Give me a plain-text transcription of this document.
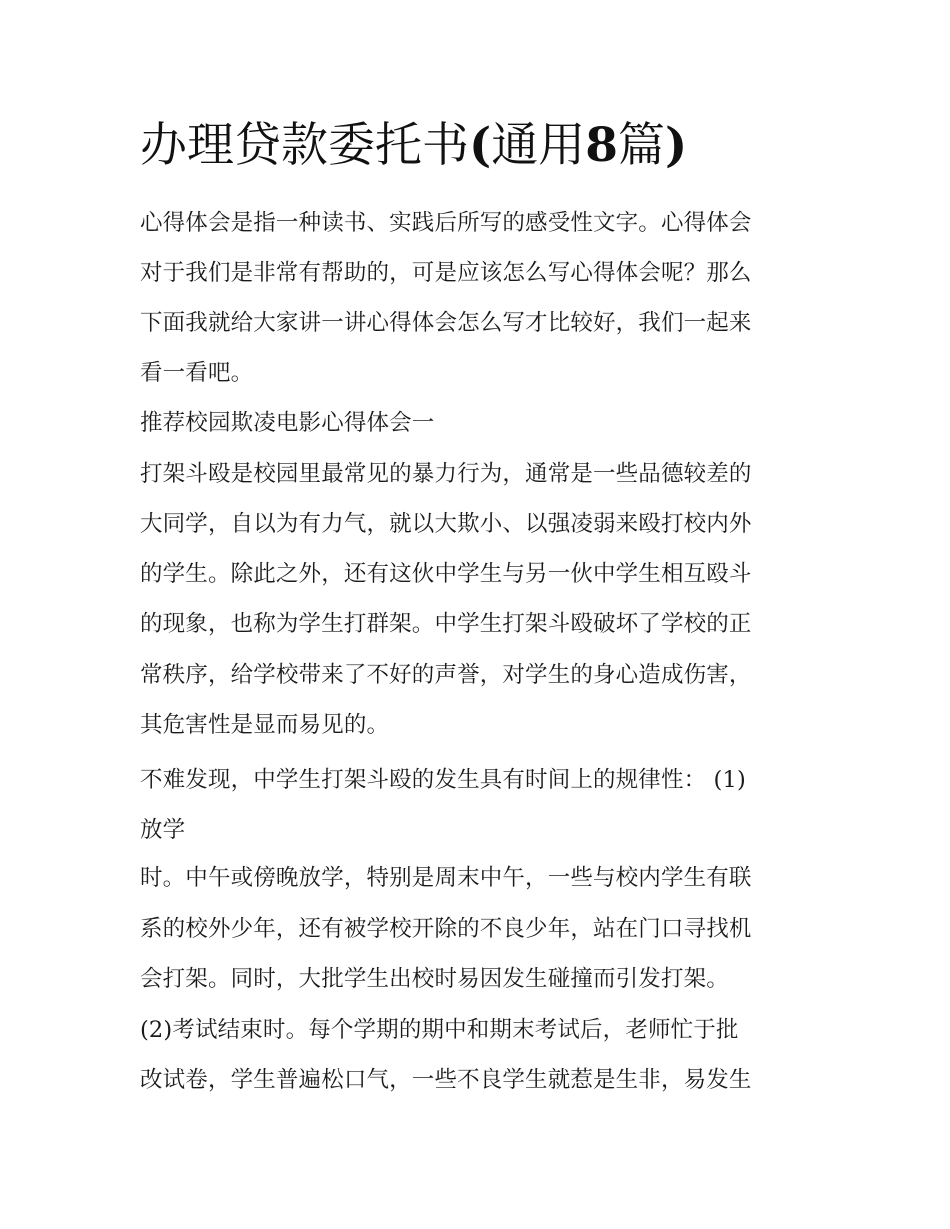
办理贷款委托书(通用8篇)

心得体会是指一种读书、实践后所写的感受性文字。心得体会

对于我们是非常有帮助的，可是应该怎么写心得体会呢？那么

下面我就给大家讲一讲心得体会怎么写才比较好，我们一起来

看一看吧。

推荐校园欺凌电影心得体会一

打架斗殴是校园里最常见的暴力行为，通常是一些品德较差的

大同学，自以为有力气，就以大欺小、以强凌弱来殴打校内外

的学生。除此之外，还有这伙中学生与另一伙中学生相互殴斗

的现象，也称为学生打群架。中学生打架斗殴破坏了学校的正

常秩序，给学校带来了不好的声誉，对学生的身心造成伤害，

其危害性是显而易见的。

不难发现，中学生打架斗殴的发生具有时间上的规律性： (1)

放学

时。中午或傍晚放学，特别是周末中午，一些与校内学生有联

系的校外少年，还有被学校开除的不良少年，站在门口寻找机

会打架。同时，大批学生出校时易因发生碰撞而引发打架。

(2)考试结束时。每个学期的期中和期末考试后，老师忙于批

改试卷，学生普遍松口气，一些不良学生就惹是生非，易发生
